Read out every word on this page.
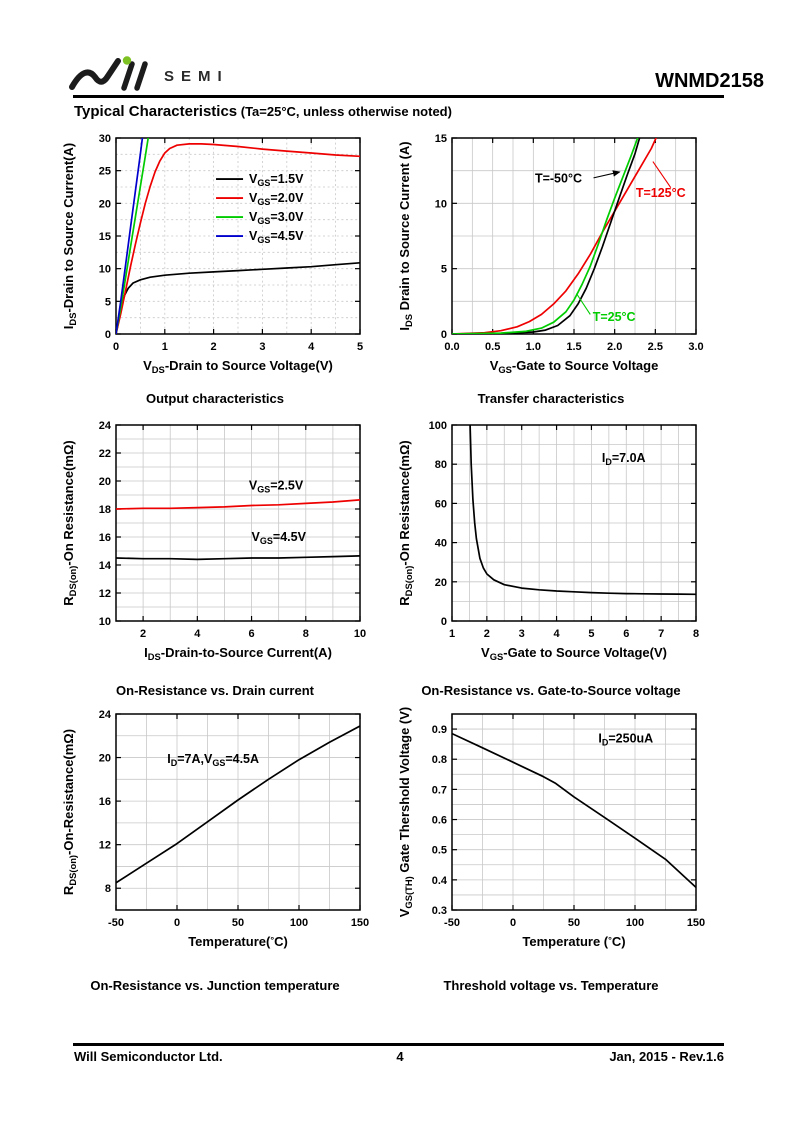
SEMI	WNMD2158
Typical Characteristics (Ta=25°C, unless otherwise noted)
0	1	2	3	4	5
0
5
10
15
20
25
30
$V_{DS}$-Drain to Source Voltage(V)
$I_{DS}$-Drain to Source Current(A)	$V_{GS}=1.5V$
$V_{GS}=2.0V$
$V_{GS}=3.0V$
$V_{GS}=4.5V$
Output characteristics
0.0 0.5 1.0 1.5 2.0 2.5 3.0
0
5
10
15
$V_{GS}$-Gate to Source Voltage
$I_{DS}$ Drain to Source Current (A)	T=-50°C
T=125°C
T=25°C
Transfer characteristics
2	4	6	8	10
10
12
14
16
18
20
22
24
$I_{DS}-Drain-to$-Source Current(A)
$R_{DS(on)}-On$ Resistance(mΩ)	$V_{GS}=2.5V$
$V_{GS}=4.5V$
On-Resistance vs. Drain current
1	2	3	4	5	6	7	8
0
20
40
60
80
100
$V_{GS}$-Gate to Source Voltage(V)
$R_{DS(on)}-On$ Resistance(mΩ)	$I_D=7.0A$
On-Resistance vs. Gate-to-Source voltage
-50	0	50	100	150
8
12
16
20
24
Temperature(°C)
$R_{DS(on)}-On-Resistance(m\Omega)$	$I_D=7A,V_{GS}=4.5A$
On-Resistance vs. Junction temperature
-50	0	50	100	150
0.3
0.4
0.5
0.6
0.7
0.8
0.9
Temperature (°C)
$V_{GS(TH)}$ Gate Thershold Voltage (V)	$I_D=250uA$
Threshold voltage vs. Temperature
Will Semiconductor Ltd.	4	Jan, 2015 - Rev.1.6
